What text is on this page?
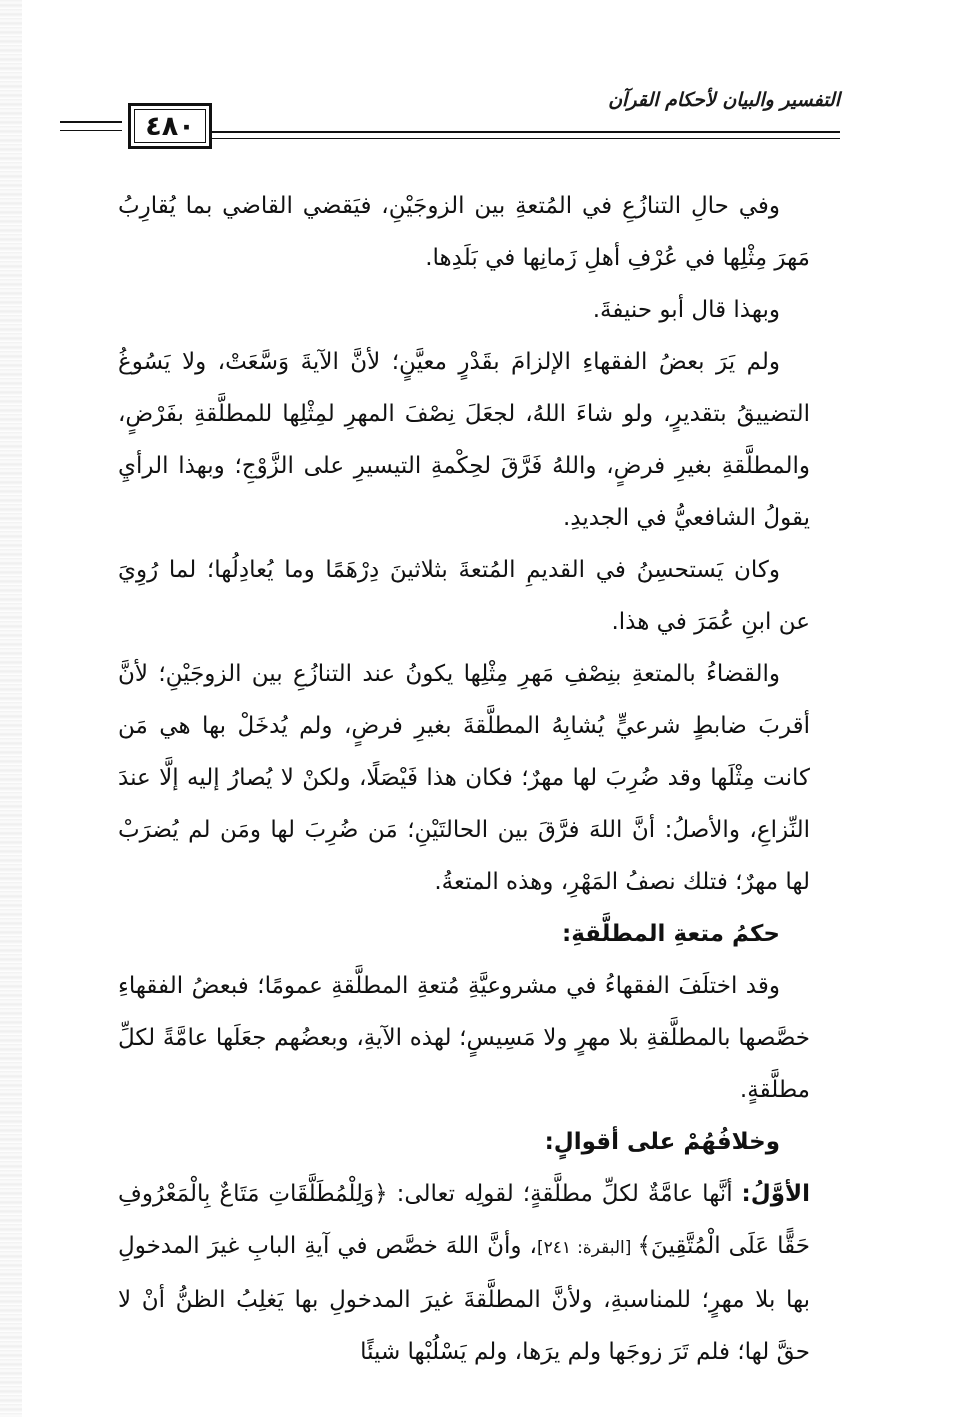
٤٨٠
التفسير والبيان لأحكام القرآن

وفي حالِ التنازُعِ في المُتعةِ بين الزوجَيْنِ، فيَقضي القاضي بما يُقارِبُ مَهرَ مِثْلِها في عُرْفِ أهلِ زَمانِها في بَلَدِها.

وبهذا قال أبو حنيفةَ.

ولم يَرَ بعضُ الفقهاءِ الإلزامَ بقَدْرٍ معيَّنٍ؛ لأنَّ الآيةَ وَسَّعَتْ، ولا يَسُوغُ التضييقُ بتقديرٍ، ولو شاءَ اللهُ، لجعَلَ نِصْفَ المهرِ لمِثْلِها للمطلَّقةِ بفَرْضٍ، والمطلَّقةِ بغيرِ فرضٍ، واللهُ فَرَّقَ لحِكْمةِ التيسيرِ على الزَّوْجِ؛ وبهذا الرأيِ يقولُ الشافعيُّ في الجديدِ.

وكان يَستحسِنُ في القديمِ المُتعةَ بثلاثينَ دِرْهَمًا وما يُعادِلُها؛ لما رُوِيَ عن ابنِ عُمَرَ في هذا.

والقضاءُ بالمتعةِ بنِصْفِ مَهرِ مِثْلِها يكونُ عند التنازُعِ بين الزوجَيْنِ؛ لأنَّ أقربَ ضابطٍ شرعيٍّ يُشابِهُ المطلَّقةَ بغيرِ فرضٍ، ولم يُدخَلْ بها هي مَن كانت مِثْلَها وقد ضُرِبَ لها مهرٌ؛ فكان هذا فَيْصَلًا، ولكنْ لا يُصارُ إليه إلَّا عندَ النِّزاعِ، والأصلُ: أنَّ اللهَ فرَّقَ بين الحالتَيْنِ؛ مَن ضُرِبَ لها ومَن لم يُضرَبْ لها مهرٌ؛ فتلك نصفُ المَهْرِ، وهذه المتعةُ.

حكمُ متعةِ المطلَّقةِ:

وقد اختلَفَ الفقهاءُ في مشروعيَّةِ مُتعةِ المطلَّقةِ عمومًا؛ فبعضُ الفقهاءِ خصَّصها بالمطلَّقةِ بلا مهرٍ ولا مَسِيسٍ؛ لهذه الآيةِ، وبعضُهم جعَلَها عامَّةً لكلِّ مطلَّقةٍ.

وخلافُهُمْ على أقوالٍ:

الأوَّلُ: أنَّها عامَّةٌ لكلِّ مطلَّقةٍ؛ لقولِه تعالى: ﴿وَلِلْمُطَلَّقَاتِ مَتَاعٌ بِالْمَعْرُوفِ حَقًّا عَلَى الْمُتَّقِينَ﴾ [البقرة: ٢٤١]، وأنَّ اللهَ خصَّص في آيةِ البابِ غيرَ المدخولِ بها بلا مهرٍ؛ للمناسبةِ، ولأنَّ المطلَّقةَ غيرَ المدخولِ بها يَغلِبُ الظنُّ أنْ لا حقَّ لها؛ فلم تَرَ زوجَها ولم يرَها، ولم يَسْلُبْها شيئًا
